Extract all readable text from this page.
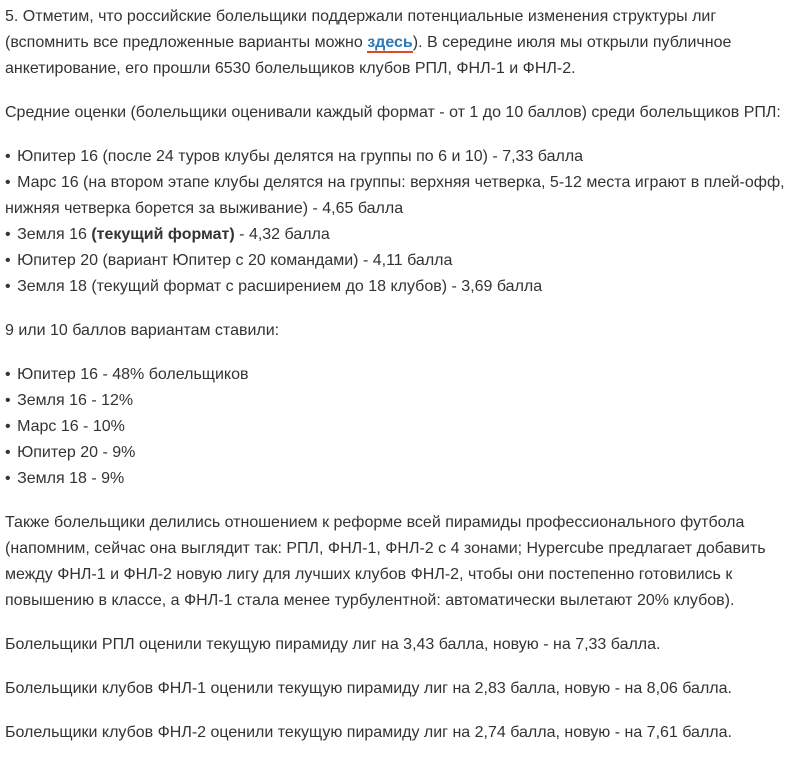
5. Отметим, что российские болельщики поддержали потенциальные изменения структуры лиг (вспомнить все предложенные варианты можно здесь). В середине июля мы открыли публичное анкетирование, его прошли 6530 болельщиков клубов РПЛ, ФНЛ-1 и ФНЛ-2.

Средние оценки (болельщики оценивали каждый формат - от 1 до 10 баллов) среди болельщиков РПЛ:

• Юпитер 16 (после 24 туров клубы делятся на группы по 6 и 10) - 7,33 балла
• Марс 16 (на втором этапе клубы делятся на группы: верхняя четверка, 5-12 места играют в плей-офф, нижняя четверка борется за выживание) - 4,65 балла
• Земля 16 (текущий формат) - 4,32 балла
• Юпитер 20 (вариант Юпитер с 20 командами) - 4,11 балла
• Земля 18 (текущий формат с расширением до 18 клубов) - 3,69 балла

9 или 10 баллов вариантам ставили:

• Юпитер 16 - 48% болельщиков
• Земля 16 - 12%
• Марс 16 - 10%
• Юпитер 20 - 9%
• Земля 18 - 9%

Также болельщики делились отношением к реформе всей пирамиды профессионального футбола (напомним, сейчас она выглядит так: РПЛ, ФНЛ-1, ФНЛ-2 с 4 зонами; Hypercube предлагает добавить между ФНЛ-1 и ФНЛ-2 новую лигу для лучших клубов ФНЛ-2, чтобы они постепенно готовились к повышению в классе, а ФНЛ-1 стала менее турбулентной: автоматически вылетают 20% клубов).

Болельщики РПЛ оценили текущую пирамиду лиг на 3,43 балла, новую - на 7,33 балла.

Болельщики клубов ФНЛ-1 оценили текущую пирамиду лиг на 2,83 балла, новую - на 8,06 балла.

Болельщики клубов ФНЛ-2 оценили текущую пирамиду лиг на 2,74 балла, новую - на 7,61 балла.
